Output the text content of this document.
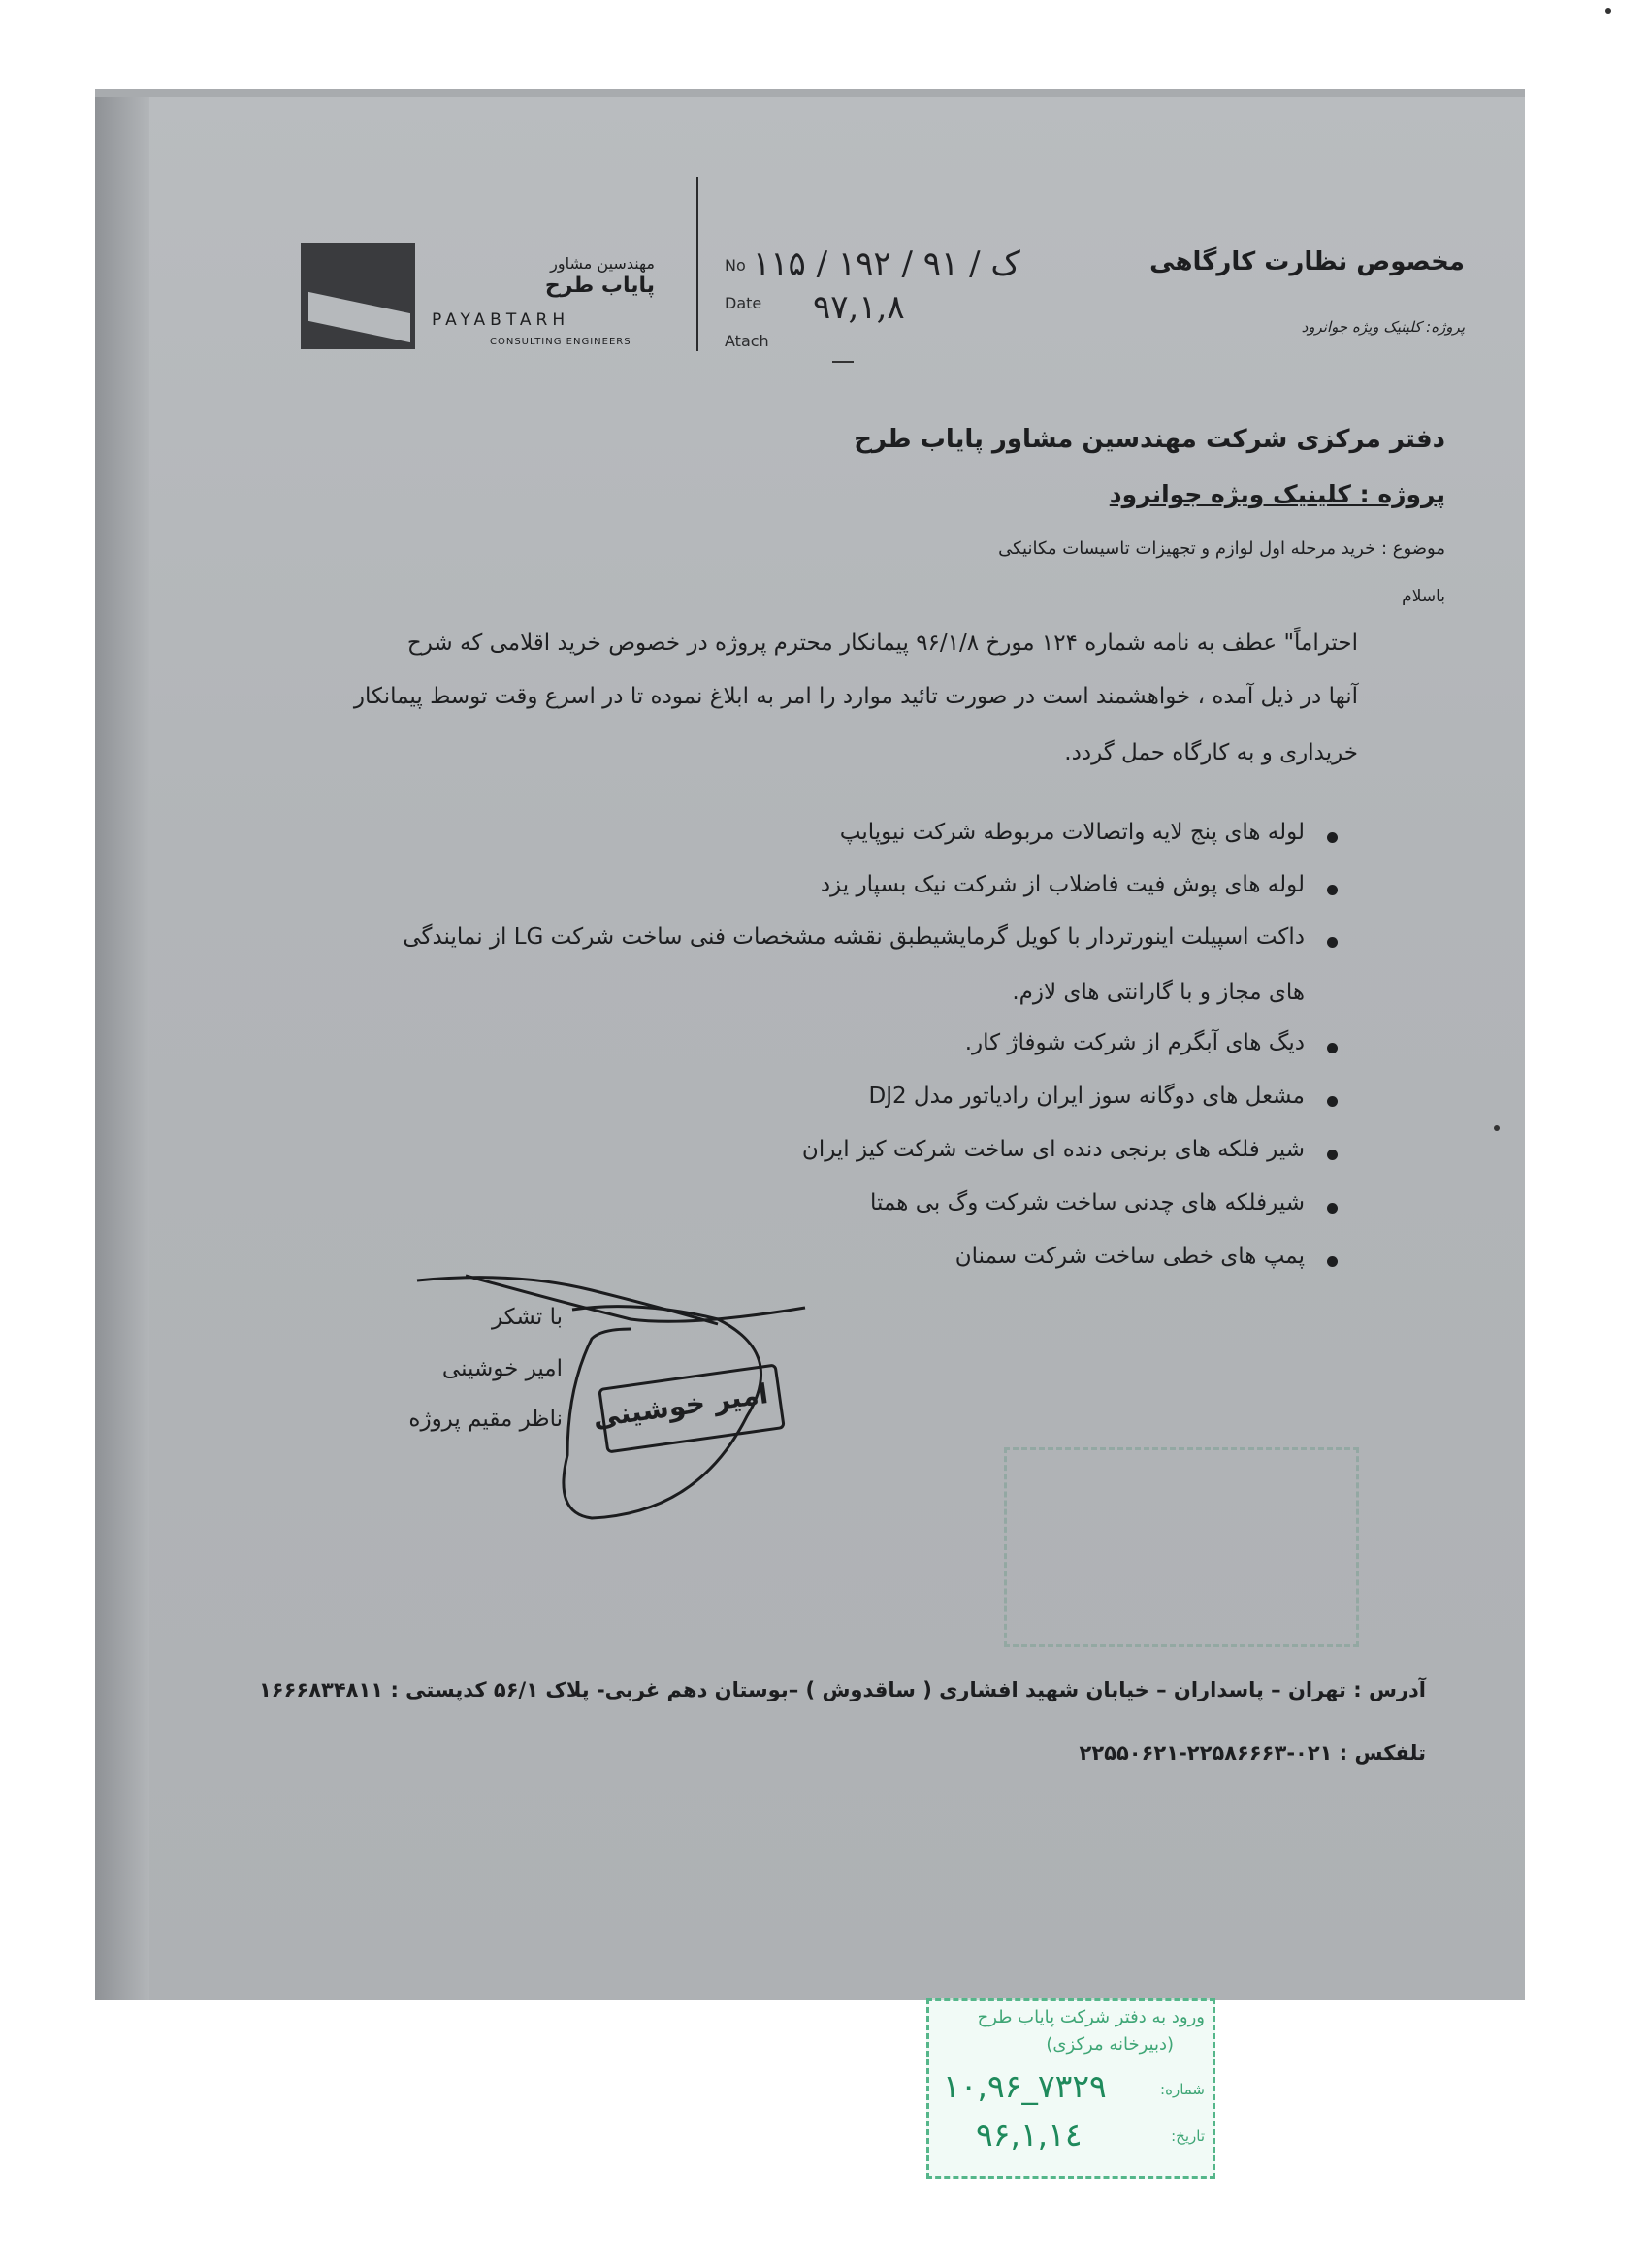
مهندسین مشاور
پایاب طرح
PAYABTARH
CONSULTING ENGINEERS
No ۱۱۵ / ک / ۹۱ / ۱۹۲
Date ۹۷,۱,۸
Atach
مخصوص نظارت کارگاهی
پروژه: کلینیک ویژه جوانرود
دفتر مرکزی شرکت مهندسین مشاور پایاب طرح
پروژه : کلینیک ویژه جوانرود
موضوع : خرید مرحله اول لوازم و تجهیزات تاسیسات مکانیکی
باسلام
احتراماً" عطف به نامه شماره ۱۲۴ مورخ ۹۶/۱/۸ پیمانکار محترم پروژه در خصوص خرید اقلامی که شرح
آنها در ذیل آمده ، خواهشمند است در صورت تائید موارد را امر به ابلاغ نموده تا در اسرع وقت توسط پیمانکار
خریداری و به کارگاه حمل گردد.
لوله های پنج لایه واتصالات مربوطه شرکت نیوپایپ
لوله های پوش فیت فاضلاب از شرکت نیک بسپار یزد
داکت اسپیلت اینورتردار با کویل گرمایشیطبق نقشه مشخصات فنی ساخت شرکت LG از نمایندگی
های مجاز و با گارانتی های لازم.
دیگ های آبگرم از شرکت شوفاژ کار.
مشعل های دوگانه سوز ایران رادیاتور مدل DJ2
شیر فلکه های برنجی دنده ای ساخت شرکت کیز ایران
شیرفلکه های چدنی ساخت شرکت وگ بی همتا
پمپ های خطی ساخت شرکت سمنان
با تشکر
امیر خوشینی
ناظر مقیم پروژه امیر خوشینی
آدرس : تهران – پاسداران – خیابان شهید افشاری ( ساقدوش ) –بوستان دهم غربی- پلاک ۵۶/۱ کدپستی : ۱۶۶۶۸۳۴۸۱۱
تلفکس : ۰۲۱-۲۲۵۸۶۶۶۳-۲۲۵۵۰۶۲۱
ورود به دفتر شرکت پایاب طرح
(دبیرخانه مرکزی)
شماره:
۱۰,۹۶_۷۳۲۹
تاریخ:
۹۶,۱,۱٤
